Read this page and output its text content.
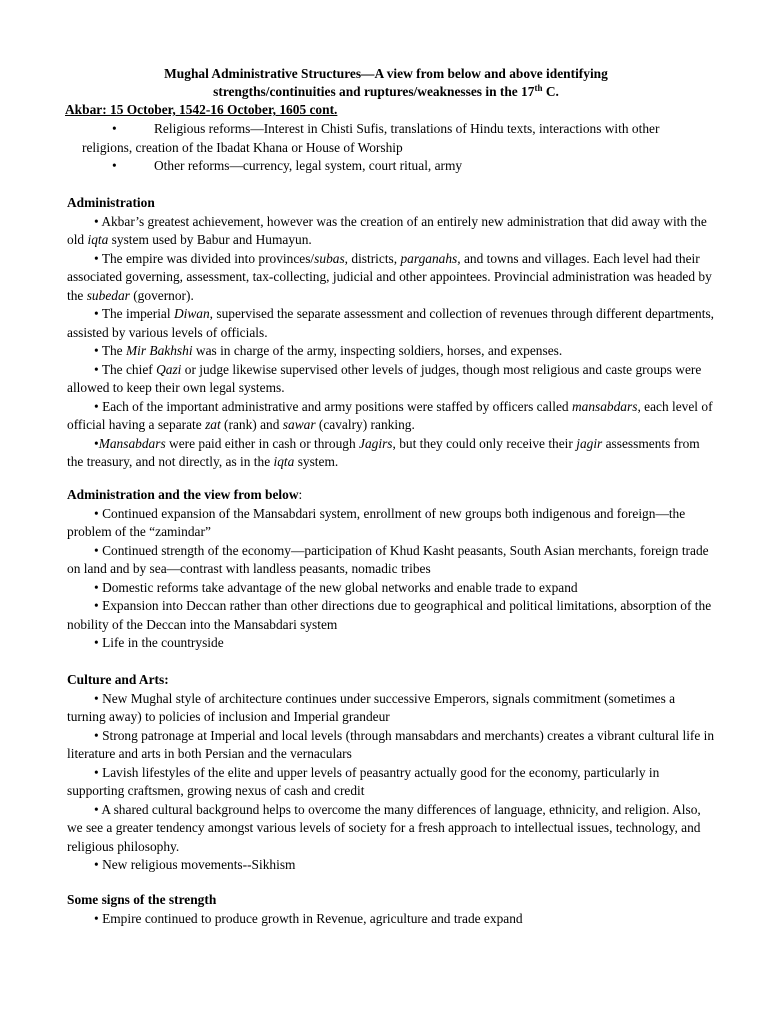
Mughal Administrative Structures—A view from below and above identifying
strengths/continuities and ruptures/weaknesses in the 17th C.
Akbar: 15 October, 1542-16 October, 1605 cont.
•	Religious reforms—Interest in Chisti Sufis, translations of Hindu texts, interactions with other religions, creation of the Ibadat Khana or House of Worship
•	Other reforms—currency, legal system, court ritual, army
Administration
• Akbar’s greatest achievement, however was the creation of an entirely new administration that did away with the old iqta system used by Babur and Humayun.
• The empire was divided into provinces/subas, districts, parganahs, and towns and villages. Each level had their associated governing, assessment, tax-collecting, judicial and other appointees. Provincial administration was headed by the subedar (governor).
• The imperial Diwan, supervised the separate assessment and collection of revenues through different departments, assisted by various levels of officials.
• The Mir Bakhshi was in charge of the army, inspecting soldiers, horses, and expenses.
• The chief Qazi or judge likewise supervised other levels of judges, though most religious and caste groups were allowed to keep their own legal systems.
• Each of the important administrative and army positions were staffed by officers called mansabdars, each level of official having a separate zat (rank) and sawar (cavalry) ranking.
•Mansabdars were paid either in cash or through Jagirs, but they could only receive their jagir assessments from the treasury, and not directly, as in the iqta system.
Administration and the view from below:
• Continued expansion of the Mansabdari system, enrollment of new groups both indigenous and foreign—the problem of the “zamindar”
• Continued strength of the economy—participation of Khud Kasht peasants, South Asian merchants, foreign trade on land and by sea—contrast with landless peasants, nomadic tribes
• Domestic reforms take advantage of the new global networks and enable trade to expand
• Expansion into Deccan rather than other directions due to geographical and political limitations, absorption of the nobility of the Deccan into the Mansabdari system
• Life in the countryside
Culture and Arts:
• New Mughal style of architecture continues under successive Emperors, signals commitment (sometimes a turning away) to policies of inclusion and Imperial grandeur
• Strong patronage at Imperial and local levels (through mansabdars and merchants) creates a vibrant cultural life in literature and arts in both Persian and the vernaculars
• Lavish lifestyles of the elite and upper levels of peasantry actually good for the economy, particularly in supporting craftsmen, growing nexus of cash and credit
• A shared cultural background helps to overcome the many differences of language, ethnicity, and religion. Also, we see a greater tendency amongst various levels of society for a fresh approach to intellectual issues, technology, and religious philosophy.
• New religious movements--Sikhism
Some signs of the strength
• Empire continued to produce growth in Revenue, agriculture and trade expand
